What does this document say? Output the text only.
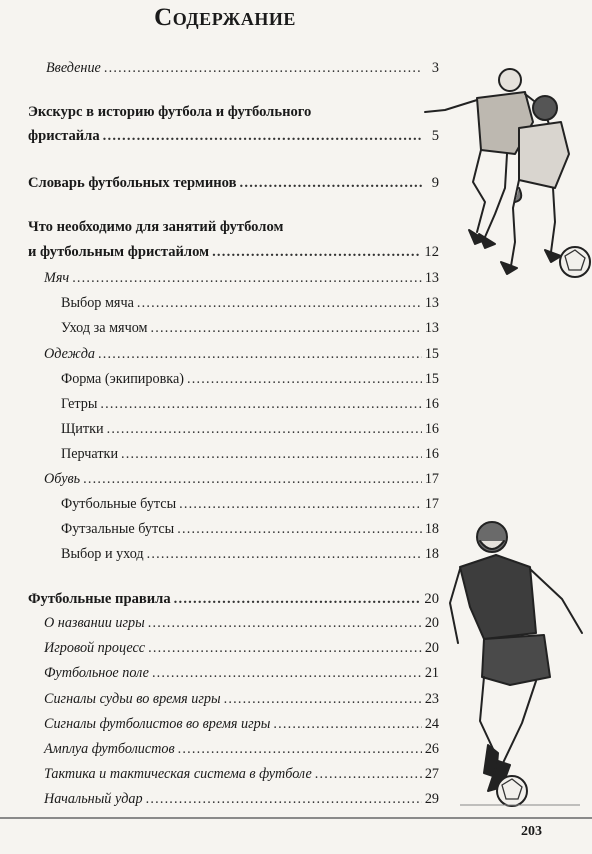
Содержание
Введение .....	3
Экскурс в историю футбола и футбольного
фристайла .....	5
Словарь футбольных терминов .....	9
Что необходимо для занятий футболом
и футбольным фристайлом .....	12
Мяч .....	13
Выбор мяча .....	13
Уход за мячом .....	13
Одежда .....	15
Форма (экипировка) .....	15
Гетры .....	16
Щитки .....	16
Перчатки .....	16
Обувь .....	17
Футбольные бутсы .....	17
Футзальные бутсы .....	18
Выбор и уход .....	18
Футбольные правила .....	20
О названии игры .....	20
Игровой процесс .....	20
Футбольное поле .....	21
Сигналы судьи во время игры .....	23
Сигналы футболистов во время игры .....	24
Амплуа футболистов .....	26
Тактика и тактическая система в футболе .....	27
Начальный удар .....	29
203
